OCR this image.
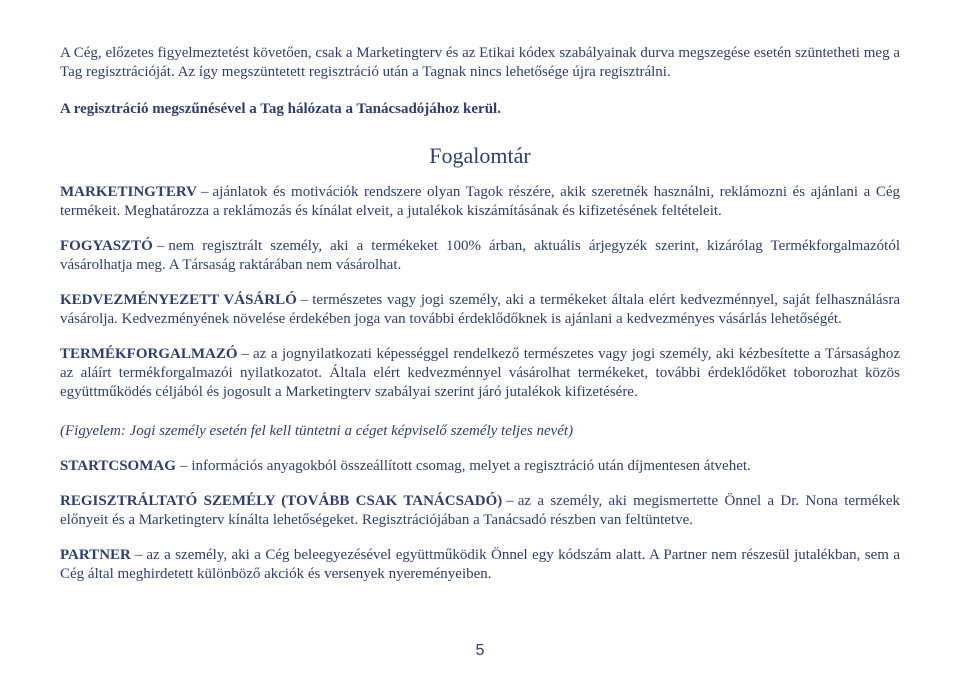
A Cég, előzetes figyelmeztetést követően, csak a Marketingterv és az Etikai kódex szabályainak durva megszegése esetén szüntetheti meg a Tag regisztrációját. Az így megszüntetett regisztráció után a Tagnak nincs lehetősége újra regisztrálni.

A regisztráció megszűnésével a Tag hálózata a Tanácsadójához kerül.

Fogalomtár

MARKETINGTERV – ajánlatok és motivációk rendszere olyan Tagok részére, akik szeretnék használni, reklámozni és ajánlani a Cég termékeit. Meghatározza a reklámozás és kínálat elveit, a jutalékok kiszámításának és kifizetésének feltételeit.

FOGYASZTÓ – nem regisztrált személy, aki a termékeket 100% árban, aktuális árjegyzék szerint, kizárólag Termékforgalmazótól vásárolhatja meg. A Társaság raktárában nem vásárolhat.

KEDVEZMÉNYEZETT VÁSÁRLÓ – természetes vagy jogi személy, aki a termékeket általa elért kedvezménnyel, saját felhasználásra vásárolja. Kedvezményének növelése érdekében joga van további érdeklődőknek is ajánlani a kedvezményes vásárlás lehetőségét.

TERMÉKFORGALMAZÓ – az a jognyilatkozati képességgel rendelkező természetes vagy jogi személy, aki kézbesítette a Társasághoz az aláírt termékforgalmazói nyilatkozatot. Általa elért kedvezménnyel vásárolhat termékeket, további érdeklődőket toborozhat közös együttműködés céljából és jogosult a Marketingterv szabályai szerint járó jutalékok kifizetésére.

(Figyelem: Jogi személy esetén fel kell tüntetni a céget képviselő személy teljes nevét)

STARTCSOMAG – információs anyagokból összeállított csomag, melyet a regisztráció után díjmentesen átvehet.

REGISZTRÁLTATÓ SZEMÉLY (TOVÁBB CSAK TANÁCSADÓ) – az a személy, aki megismertette Önnel a Dr. Nona termékek előnyeit és a Marketingterv kínálta lehetőségeket. Regisztrációjában a Tanácsadó részben van feltüntetve.

PARTNER – az a személy, aki a Cég beleegyezésével együttműködik Önnel egy kódszám alatt. A Partner nem részesül jutalékban, sem a Cég által meghirdetett különböző akciók és versenyek nyereményeiben.

5
